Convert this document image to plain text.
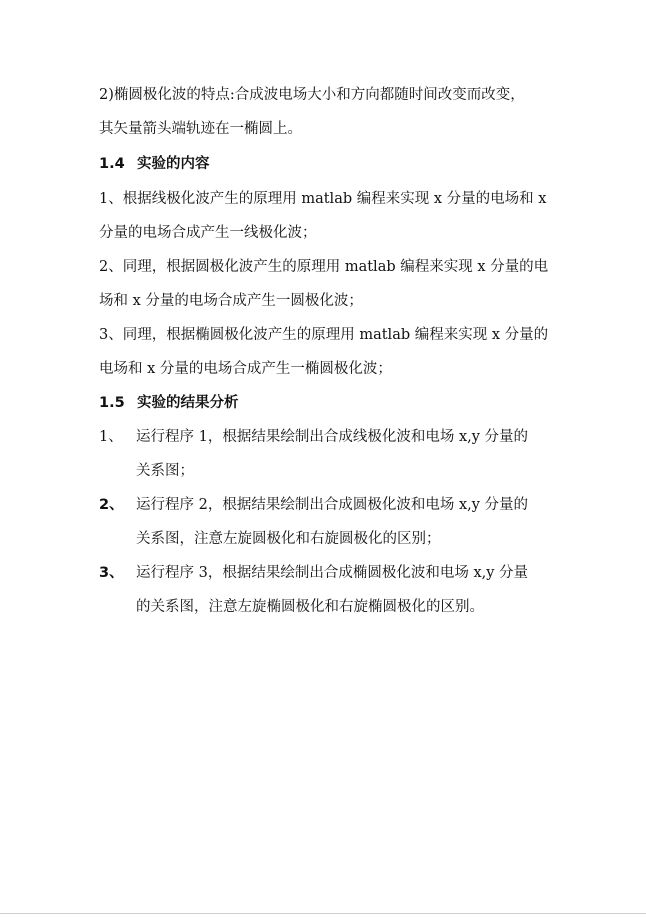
2)椭圆极化波的特点:合成波电场大小和方向都随时间改变而改变，
其矢量箭头端轨迹在一椭圆上。
1.4 实验的内容
1、根据线极化波产生的原理用 matlab 编程来实现 x 分量的电场和 x
分量的电场合成产生一线极化波；
2、同理，根据圆极化波产生的原理用 matlab 编程来实现 x 分量的电
场和 x 分量的电场合成产生一圆极化波；
3、同理，根据椭圆极化波产生的原理用 matlab 编程来实现 x 分量的
电场和 x 分量的电场合成产生一椭圆极化波；
1.5 实验的结果分析
1、 运行程序 1，根据结果绘制出合成线极化波和电场 x,y 分量的
关系图；
2、 运行程序 2，根据结果绘制出合成圆极化波和电场 x,y 分量的
关系图，注意左旋圆极化和右旋圆极化的区别；
3、 运行程序 3，根据结果绘制出合成椭圆极化波和电场 x,y 分量
的关系图，注意左旋椭圆极化和右旋椭圆极化的区别。
